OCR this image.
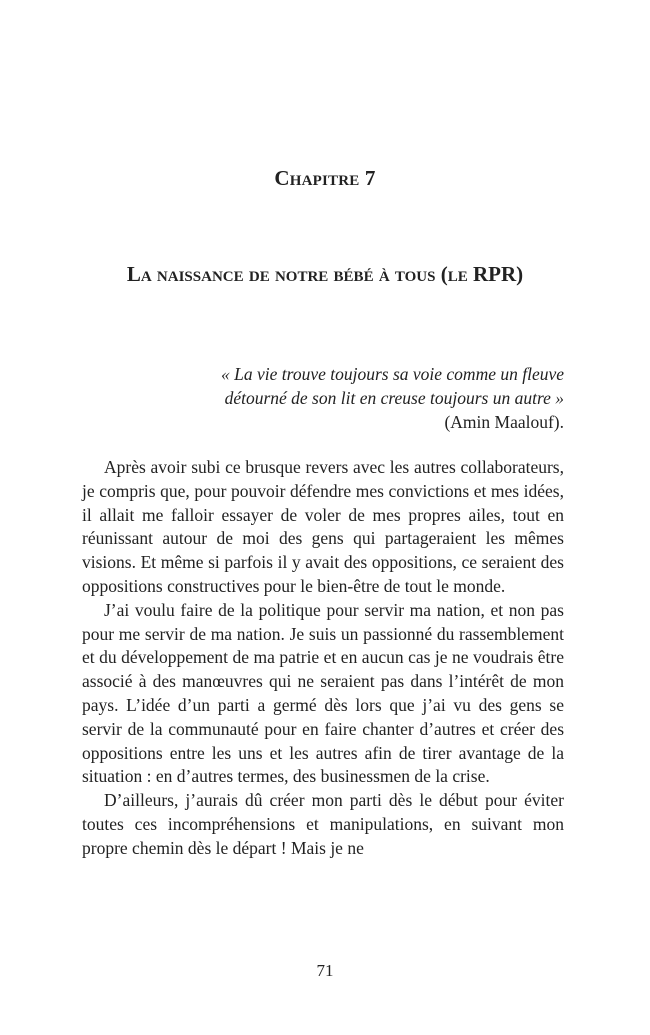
Chapitre 7
La naissance de notre bébé à tous (le RPR)
« La vie trouve toujours sa voie comme un fleuve
détourné de son lit en creuse toujours un autre »
(Amin Maalouf).

Après avoir subi ce brusque revers avec les autres collaborateurs, je compris que, pour pouvoir défendre mes convictions et mes idées, il allait me falloir essayer de voler de mes propres ailes, tout en réunissant autour de moi des gens qui partageraient les mêmes visions. Et même si parfois il y avait des oppositions, ce seraient des oppositions constructives pour le bien-être de tout le monde.

J’ai voulu faire de la politique pour servir ma nation, et non pas pour me servir de ma nation. Je suis un passionné du rassemblement et du développement de ma patrie et en aucun cas je ne voudrais être associé à des manœuvres qui ne seraient pas dans l’intérêt de mon pays. L’idée d’un parti a germé dès lors que j’ai vu des gens se servir de la communauté pour en faire chanter d’autres et créer des oppositions entre les uns et les autres afin de tirer avantage de la situation : en d’autres termes, des businessmen de la crise.

D’ailleurs, j’aurais dû créer mon parti dès le début pour éviter toutes ces incompréhensions et manipulations, en suivant mon propre chemin dès le départ ! Mais je ne

71
